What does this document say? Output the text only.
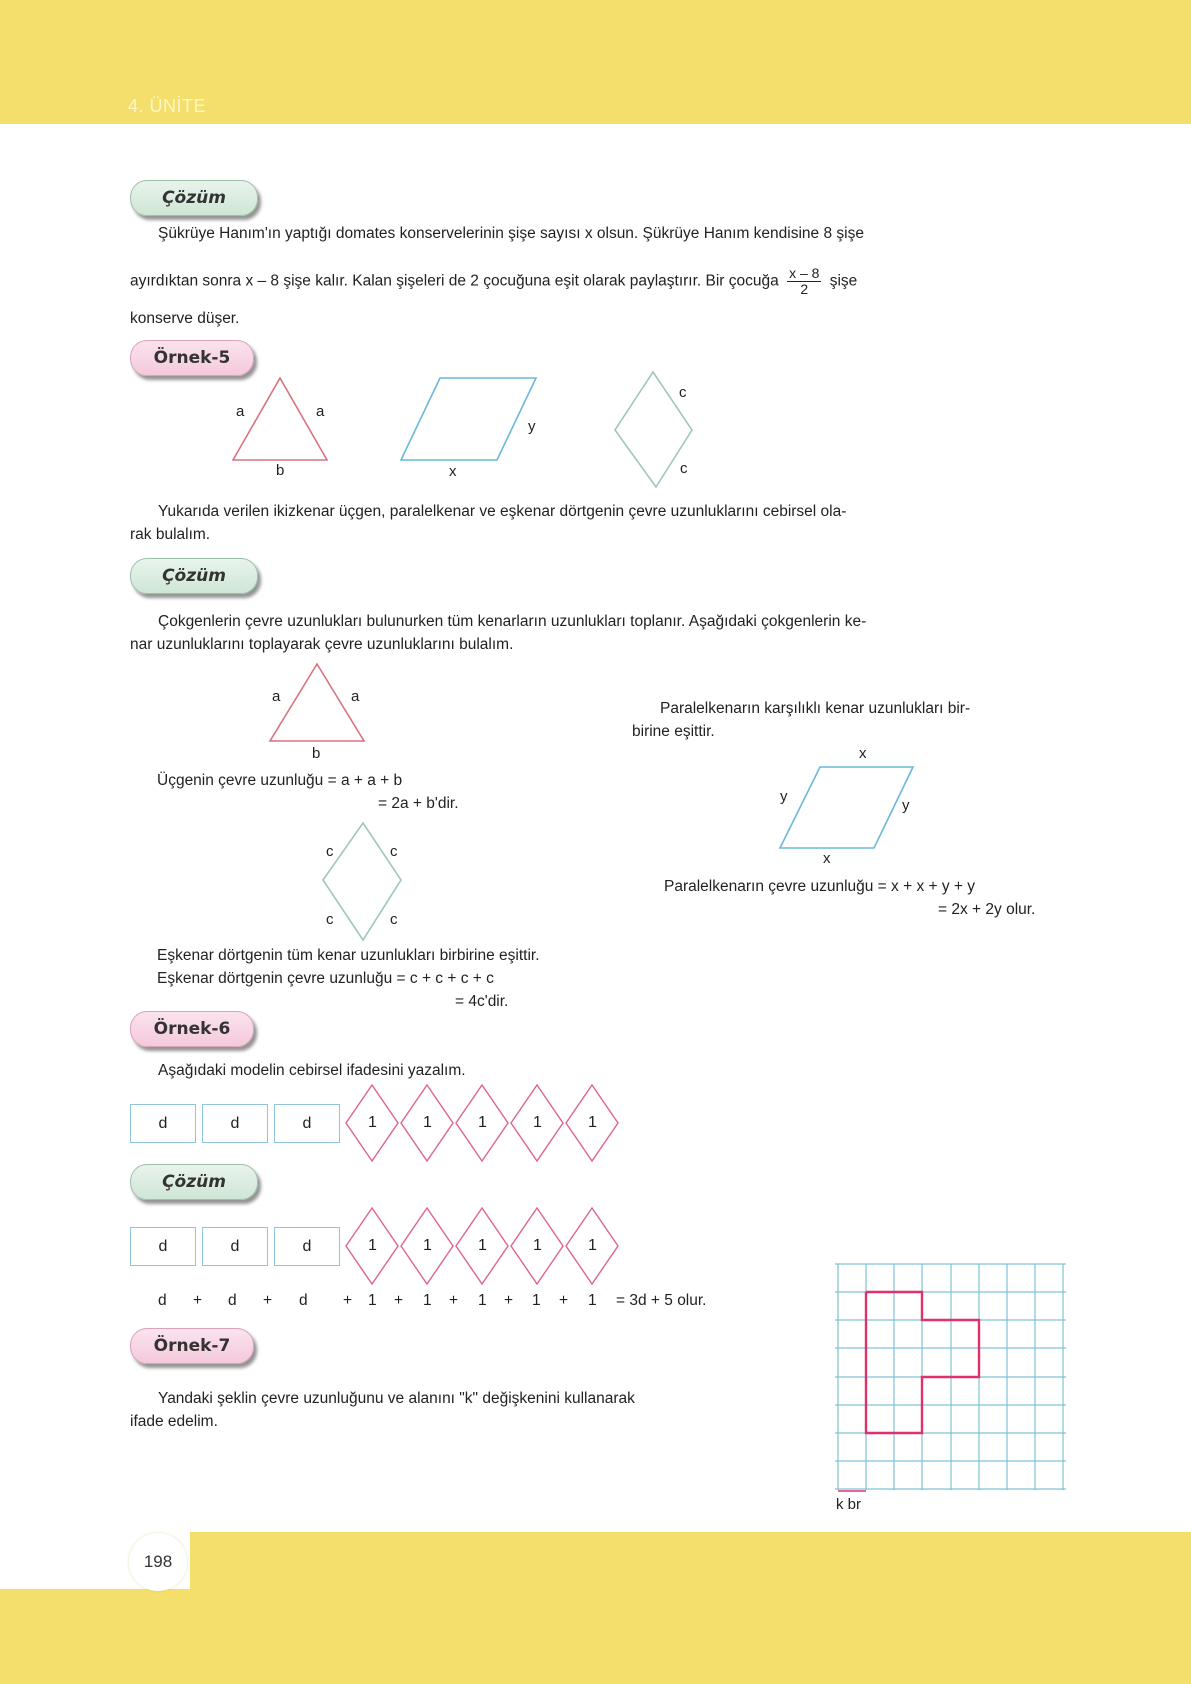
4. ÜNİTE
198
Çözüm
Şükrüye Hanım'ın yaptığı domates konservelerinin şişe sayısı x olsun. Şükrüye Hanım kendisine 8 şişe
ayırdıktan sonra x – 8 şişe kalır. Kalan şişeleri de 2 çocuğuna eşit olarak paylaştırır. Bir çocuğa $\frac{x - 8}{2}$ şişe
konserve düşer.
Örnek-5
a	a
b
y
x
c
c
Yukarıda verilen ikizkenar üçgen, paralelkenar ve eşkenar dörtgenin çevre uzunluklarını cebirsel ola-
rak bulalım.
Çözüm
Çokgenlerin çevre uzunlukları bulunurken tüm kenarların uzunlukları toplanır. Aşağıdaki çokgenlerin ke-
nar uzunluklarını toplayarak çevre uzunluklarını bulalım.
a	a
b
Üçgenin çevre uzunluğu = a + a + b
= 2a + b'dir.
Paralelkenarın karşılıklı kenar uzunlukları bir-
birine eşittir.
x
y
y
x
Paralelkenarın çevre uzunluğu = x + x + y + y
= 2x + 2y olur.
c	c
c	c
Eşkenar dörtgenin tüm kenar uzunlukları birbirine eşittir.
Eşkenar dörtgenin çevre uzunluğu = c + c + c + c
= 4c'dir.
Örnek-6
Aşağıdaki modelin cebirsel ifadesini yazalım.
d	d	d	1	1	1	1	1
Çözüm
d	d	d	1	1	1	1	1
d + d + d + 1 + 1 + 1 + 1 + 1 = 3d + 5 olur.
Örnek-7
Yandaki şeklin çevre uzunluğunu ve alanını "k" değişkenini kullanarak
ifade edelim.
k br
